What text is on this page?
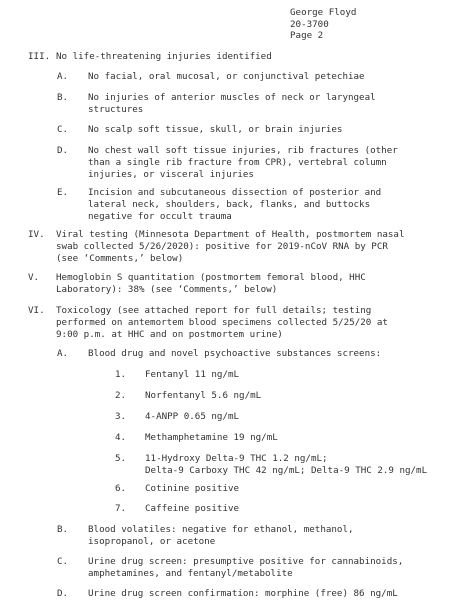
George Floyd
20-3700
Page 2
III. No life-threatening injuries identified
A. No facial, oral mucosal, or conjunctival petechiae
B. No injuries of anterior muscles of neck or laryngeal
structures
C. No scalp soft tissue, skull, or brain injuries
D. No chest wall soft tissue injuries, rib fractures (other
than a single rib fracture from CPR), vertebral column
injuries, or visceral injuries
E. Incision and subcutaneous dissection of posterior and
lateral neck, shoulders, back, flanks, and buttocks
negative for occult trauma
IV. Viral testing (Minnesota Department of Health, postmortem nasal
swab collected 5/26/2020): positive for 2019-nCoV RNA by PCR
(see ‘Comments,’ below)
V. Hemoglobin S quantitation (postmortem femoral blood, HHC
Laboratory): 38% (see ‘Comments,’ below)
VI. Toxicology (see attached report for full details; testing
performed on antemortem blood specimens collected 5/25/20 at
9:00 p.m. at HHC and on postmortem urine)
A. Blood drug and novel psychoactive substances screens:
1. Fentanyl 11 ng/mL
2. Norfentanyl 5.6 ng/mL
3. 4-ANPP 0.65 ng/mL
4. Methamphetamine 19 ng/mL
5. 11-Hydroxy Delta-9 THC 1.2 ng/mL;
Delta-9 Carboxy THC 42 ng/mL; Delta-9 THC 2.9 ng/mL
6. Cotinine positive
7. Caffeine positive
B. Blood volatiles: negative for ethanol, methanol,
isopropanol, or acetone
C. Urine drug screen: presumptive positive for cannabinoids,
amphetamines, and fentanyl/metabolite
D. Urine drug screen confirmation: morphine (free) 86 ng/mL
